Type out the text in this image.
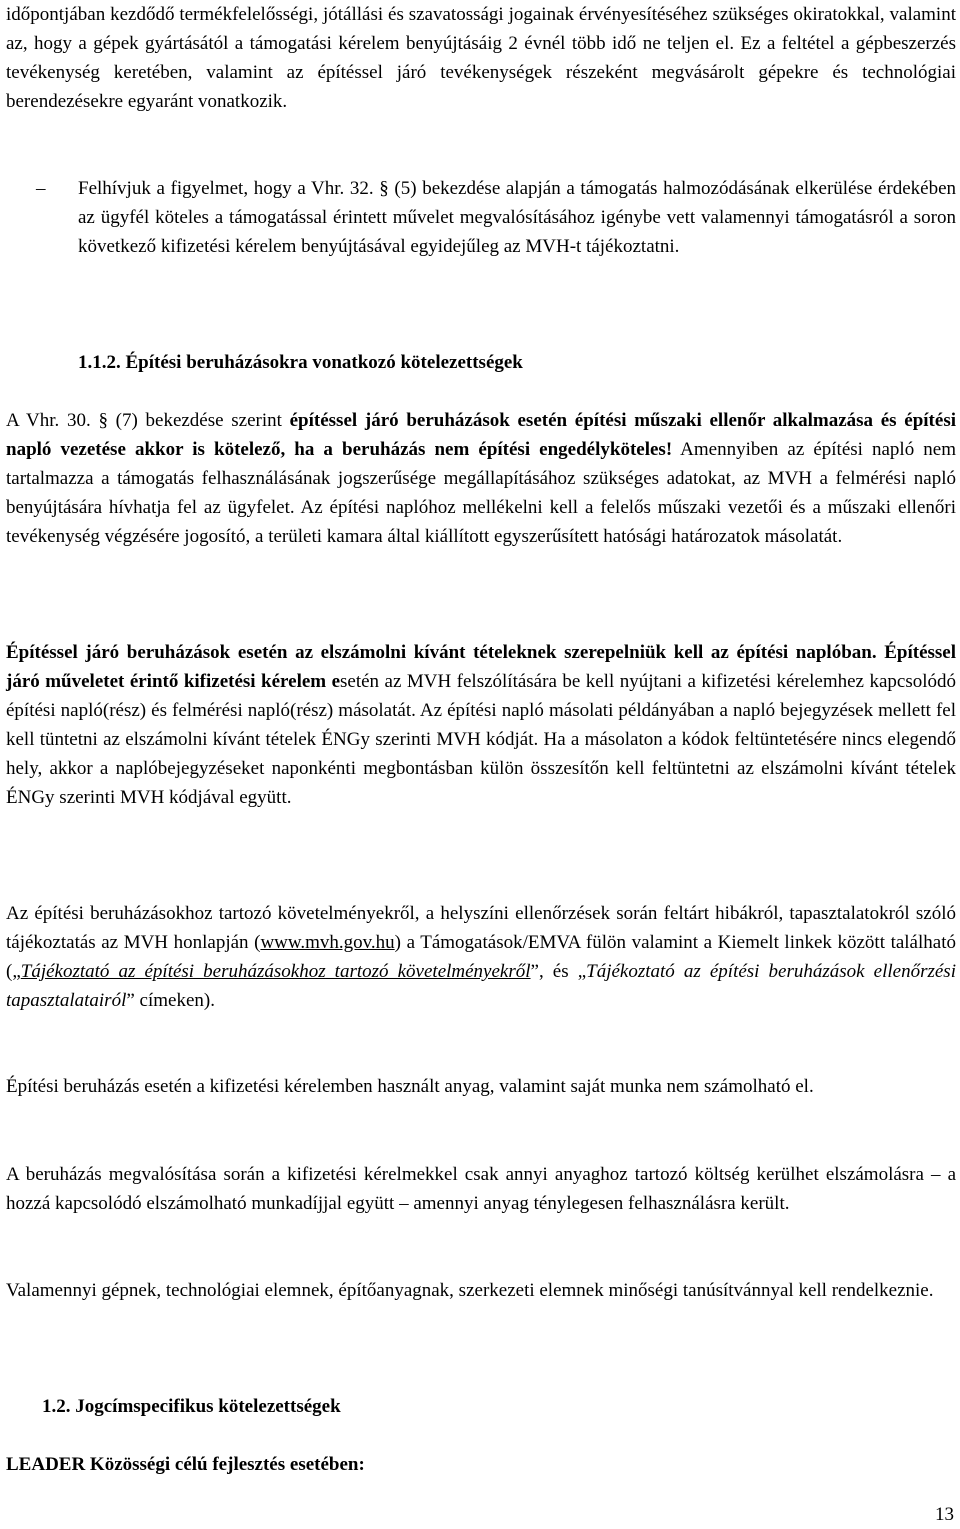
időpontjában kezdődő termékfelelősségi, jótállási és szavatossági jogainak érvényesítéséhez szükséges okiratokkal, valamint az, hogy a gépek gyártásától a támogatási kérelem benyújtásáig 2 évnél több idő ne teljen el. Ez a feltétel a gépbeszerzés tevékenység keretében, valamint az építéssel járó tevékenységek részeként megvásárolt gépekre és technológiai berendezésekre egyaránt vonatkozik.

– Felhívjuk a figyelmet, hogy a Vhr. 32. § (5) bekezdése alapján a támogatás halmozódásának elkerülése érdekében az ügyfél köteles a támogatással érintett művelet megvalósításához igénybe vett valamennyi támogatásról a soron következő kifizetési kérelem benyújtásával egyidejűleg az MVH-t tájékoztatni.

1.1.2. Építési beruházásokra vonatkozó kötelezettségek

A Vhr. 30. § (7) bekezdése szerint építéssel járó beruházások esetén építési műszaki ellenőr alkalmazása és építési napló vezetése akkor is kötelező, ha a beruházás nem építési engedélyköteles! Amennyiben az építési napló nem tartalmazza a támogatás felhasználásának jogszerűsége megállapításához szükséges adatokat, az MVH a felmérési napló benyújtására hívhatja fel az ügyfelet. Az építési naplóhoz mellékelni kell a felelős műszaki vezetői és a műszaki ellenőri tevékenység végzésére jogosító, a területi kamara által kiállított egyszerűsített hatósági határozatok másolatát.

Építéssel járó beruházások esetén az elszámolni kívánt tételeknek szerepelniük kell az építési naplóban. Építéssel járó műveletet érintő kifizetési kérelem esetén az MVH felszólítására be kell nyújtani a kifizetési kérelemhez kapcsolódó építési napló(rész) és felmérési napló(rész) másolatát. Az építési napló másolati példányában a napló bejegyzések mellett fel kell tüntetni az elszámolni kívánt tételek ÉNGy szerinti MVH kódját. Ha a másolaton a kódok feltüntetésére nincs elegendő hely, akkor a naplóbejegyzéseket naponkénti megbontásban külön összesítőn kell feltüntetni az elszámolni kívánt tételek ÉNGy szerinti MVH kódjával együtt.

Az építési beruházásokhoz tartozó követelményekről, a helyszíni ellenőrzések során feltárt hibákról, tapasztalatokról szóló tájékoztatás az MVH honlapján (www.mvh.gov.hu) a Támogatások/EMVA fülön valamint a Kiemelt linkek között található („Tájékoztató az építési beruházásokhoz tartozó követelményekről”, és „Tájékoztató az építési beruházások ellenőrzési tapasztalatairól” címeken).

Építési beruházás esetén a kifizetési kérelemben használt anyag, valamint saját munka nem számolható el.

A beruházás megvalósítása során a kifizetési kérelmekkel csak annyi anyaghoz tartozó költség kerülhet elszámolásra – a hozzá kapcsolódó elszámolható munkadíjjal együtt – amennyi anyag ténylegesen felhasználásra került.

Valamennyi gépnek, technológiai elemnek, építőanyagnak, szerkezeti elemnek minőségi tanúsítvánnyal kell rendelkeznie.

1.2. Jogcímspecifikus kötelezettségek
LEADER Közösségi célú fejlesztés esetében:
13
